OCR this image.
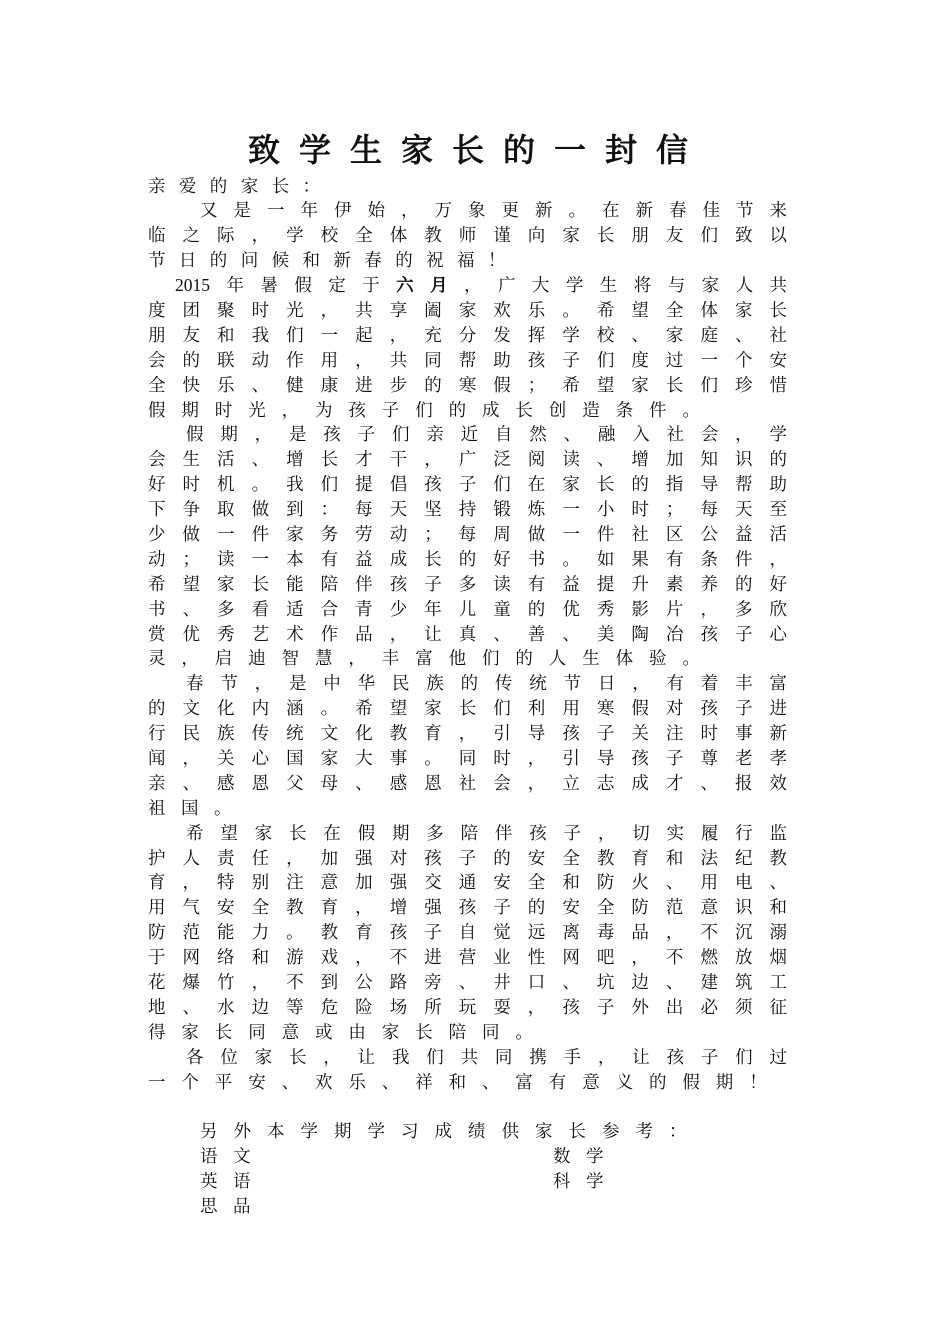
致学生家长的一封信
亲爱的家长：
又是一年伊始，万象更新。在新春佳节来
临之际，学校全体教师谨向家长朋友们致以
节日的问候和新春的祝福！
2015年暑假定于六月，广大学生将与家人共
度团聚时光，共享阖家欢乐。希望全体家长
朋友和我们一起，充分发挥学校、家庭、社
会的联动作用，共同帮助孩子们度过一个安
全快乐、健康进步的寒假；希望家长们珍惜
假期时光，为孩子们的成长创造条件。
假期，是孩子们亲近自然、融入社会，学
会生活、增长才干，广泛阅读、增加知识的
好时机。我们提倡孩子们在家长的指导帮助
下争取做到：每天坚持锻炼一小时；每天至
少做一件家务劳动；每周做一件社区公益活
动；读一本有益成长的好书。如果有条件，
希望家长能陪伴孩子多读有益提升素养的好
书、多看适合青少年儿童的优秀影片，多欣
赏优秀艺术作品，让真、善、美陶冶孩子心
灵，启迪智慧，丰富他们的人生体验。
春节，是中华民族的传统节日，有着丰富
的文化内涵。希望家长们利用寒假对孩子进
行民族传统文化教育，引导孩子关注时事新
闻，关心国家大事。同时，引导孩子尊老孝
亲、感恩父母、感恩社会，立志成才、报效
祖国。
希望家长在假期多陪伴孩子，切实履行监
护人责任，加强对孩子的安全教育和法纪教
育，特别注意加强交通安全和防火、用电、
用气安全教育，增强孩子的安全防范意识和
防范能力。教育孩子自觉远离毒品，不沉溺
于网络和游戏，不进营业性网吧，不燃放烟
花爆竹，不到公路旁、井口、坑边、建筑工
地、水边等危险场所玩耍，孩子外出必须征
得家长同意或由家长陪同。
各位家长，让我们共同携手，让孩子们过
一个平安、欢乐、祥和、富有意义的假期！
另外本学期学习成绩供家长参考：
语文	数学
英语	科学
思品
